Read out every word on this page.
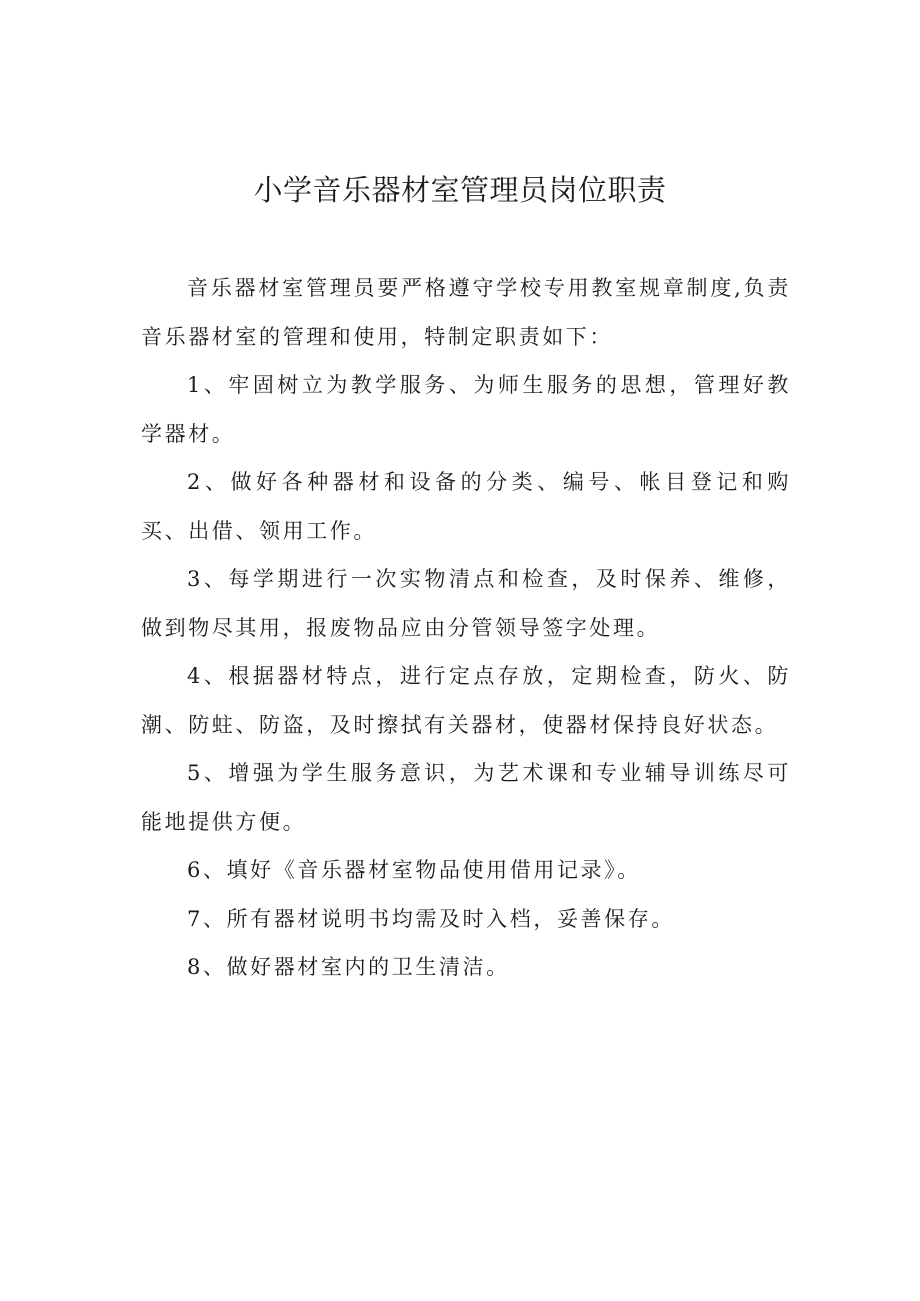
小学音乐器材室管理员岗位职责

音乐器材室管理员要严格遵守学校专用教室规章制度,负责音乐器材室的管理和使用，特制定职责如下：

1、牢固树立为教学服务、为师生服务的思想，管理好教学器材。

2、做好各种器材和设备的分类、编号、帐目登记和购买、出借、领用工作。

3、每学期进行一次实物清点和检查，及时保养、维修，做到物尽其用，报废物品应由分管领导签字处理。

4、根据器材特点，进行定点存放，定期检查，防火、防潮、防蛀、防盗，及时擦拭有关器材，使器材保持良好状态。

5、增强为学生服务意识，为艺术课和专业辅导训练尽可能地提供方便。

6、填好《音乐器材室物品使用借用记录》。

7、所有器材说明书均需及时入档，妥善保存。

8、做好器材室内的卫生清洁。
